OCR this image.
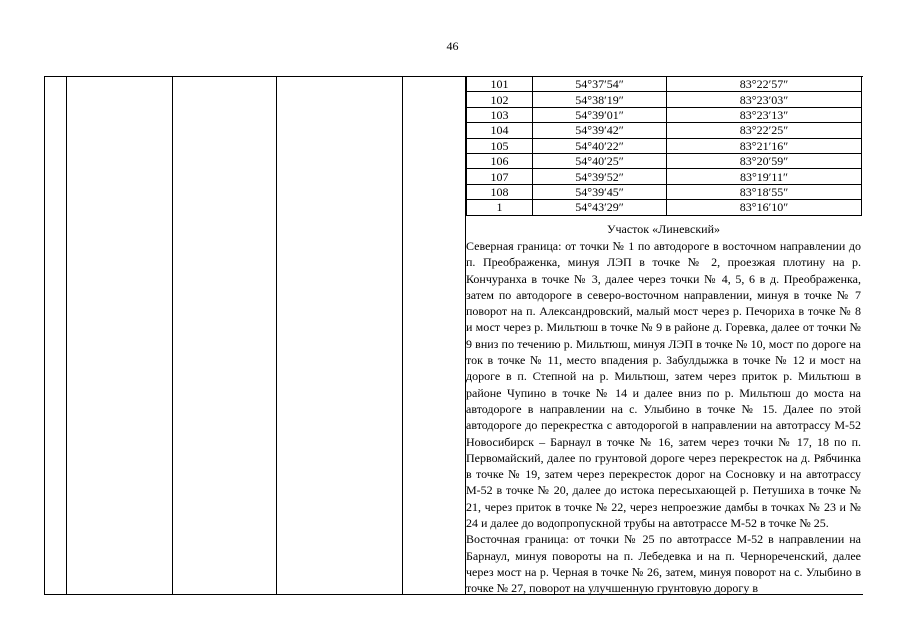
46
101	54°37′54″	83°22′57″
102	54°38′19″	83°23′03″
103	54°39′01″	83°23′13″
104	54°39′42″	83°22′25″
105	54°40′22″	83°21′16″
106	54°40′25″	83°20′59″
107	54°39′52″	83°19′11″
108	54°39′45″	83°18′55″
1	54°43′29″	83°16′10″
Участок «Линевский»

Северная граница: от точки № 1 по автодороге в восточном направлении до п. Преображенка, минуя ЛЭП в точке № 2, проезжая плотину на р. Кончуранха в точке № 3, далее через точки № 4, 5, 6 в д. Преображенка, затем по автодороге в северо-восточном направлении, минуя в точке № 7 поворот на п. Александровский, малый мост через р. Печориха в точке № 8 и мост через р. Мильтюш в точке № 9 в районе д. Горевка, далее от точки № 9 вниз по течению р. Мильтюш, минуя ЛЭП в точке № 10, мост по дороге на ток в точке № 11, место впадения р. Забулдыжка в точке № 12 и мост на дороге в п. Степной на р. Мильтюш, затем через приток р. Мильтюш в районе Чупино в точке № 14 и далее вниз по р. Мильтюш до моста на автодороге в направлении на с. Улыбино в точке № 15. Далее по этой автодороге до перекрестка с автодорогой в направлении на автотрассу М-52 Новосибирск – Барнаул в точке № 16, затем через точки № 17, 18 по п. Первомайский, далее по грунтовой дороге через перекресток на д. Рябчинка в точке № 19, затем через перекресток дорог на Сосновку и на автотрассу М-52 в точке № 20, далее до истока пересыхающей р. Петушиха в точке № 21, через приток в точке № 22, через непроезжие дамбы в точках № 23 и № 24 и далее до водопропускной трубы на автотрассе М-52 в точке № 25.

Восточная граница: от точки № 25 по автотрассе М-52 в направлении на Барнаул, минуя повороты на п. Лебедевка и на п. Чернореченский, далее через мост на р. Черная в точке № 26, затем, минуя поворот на с. Улыбино в точке № 27, поворот на улучшенную грунтовую дорогу в
